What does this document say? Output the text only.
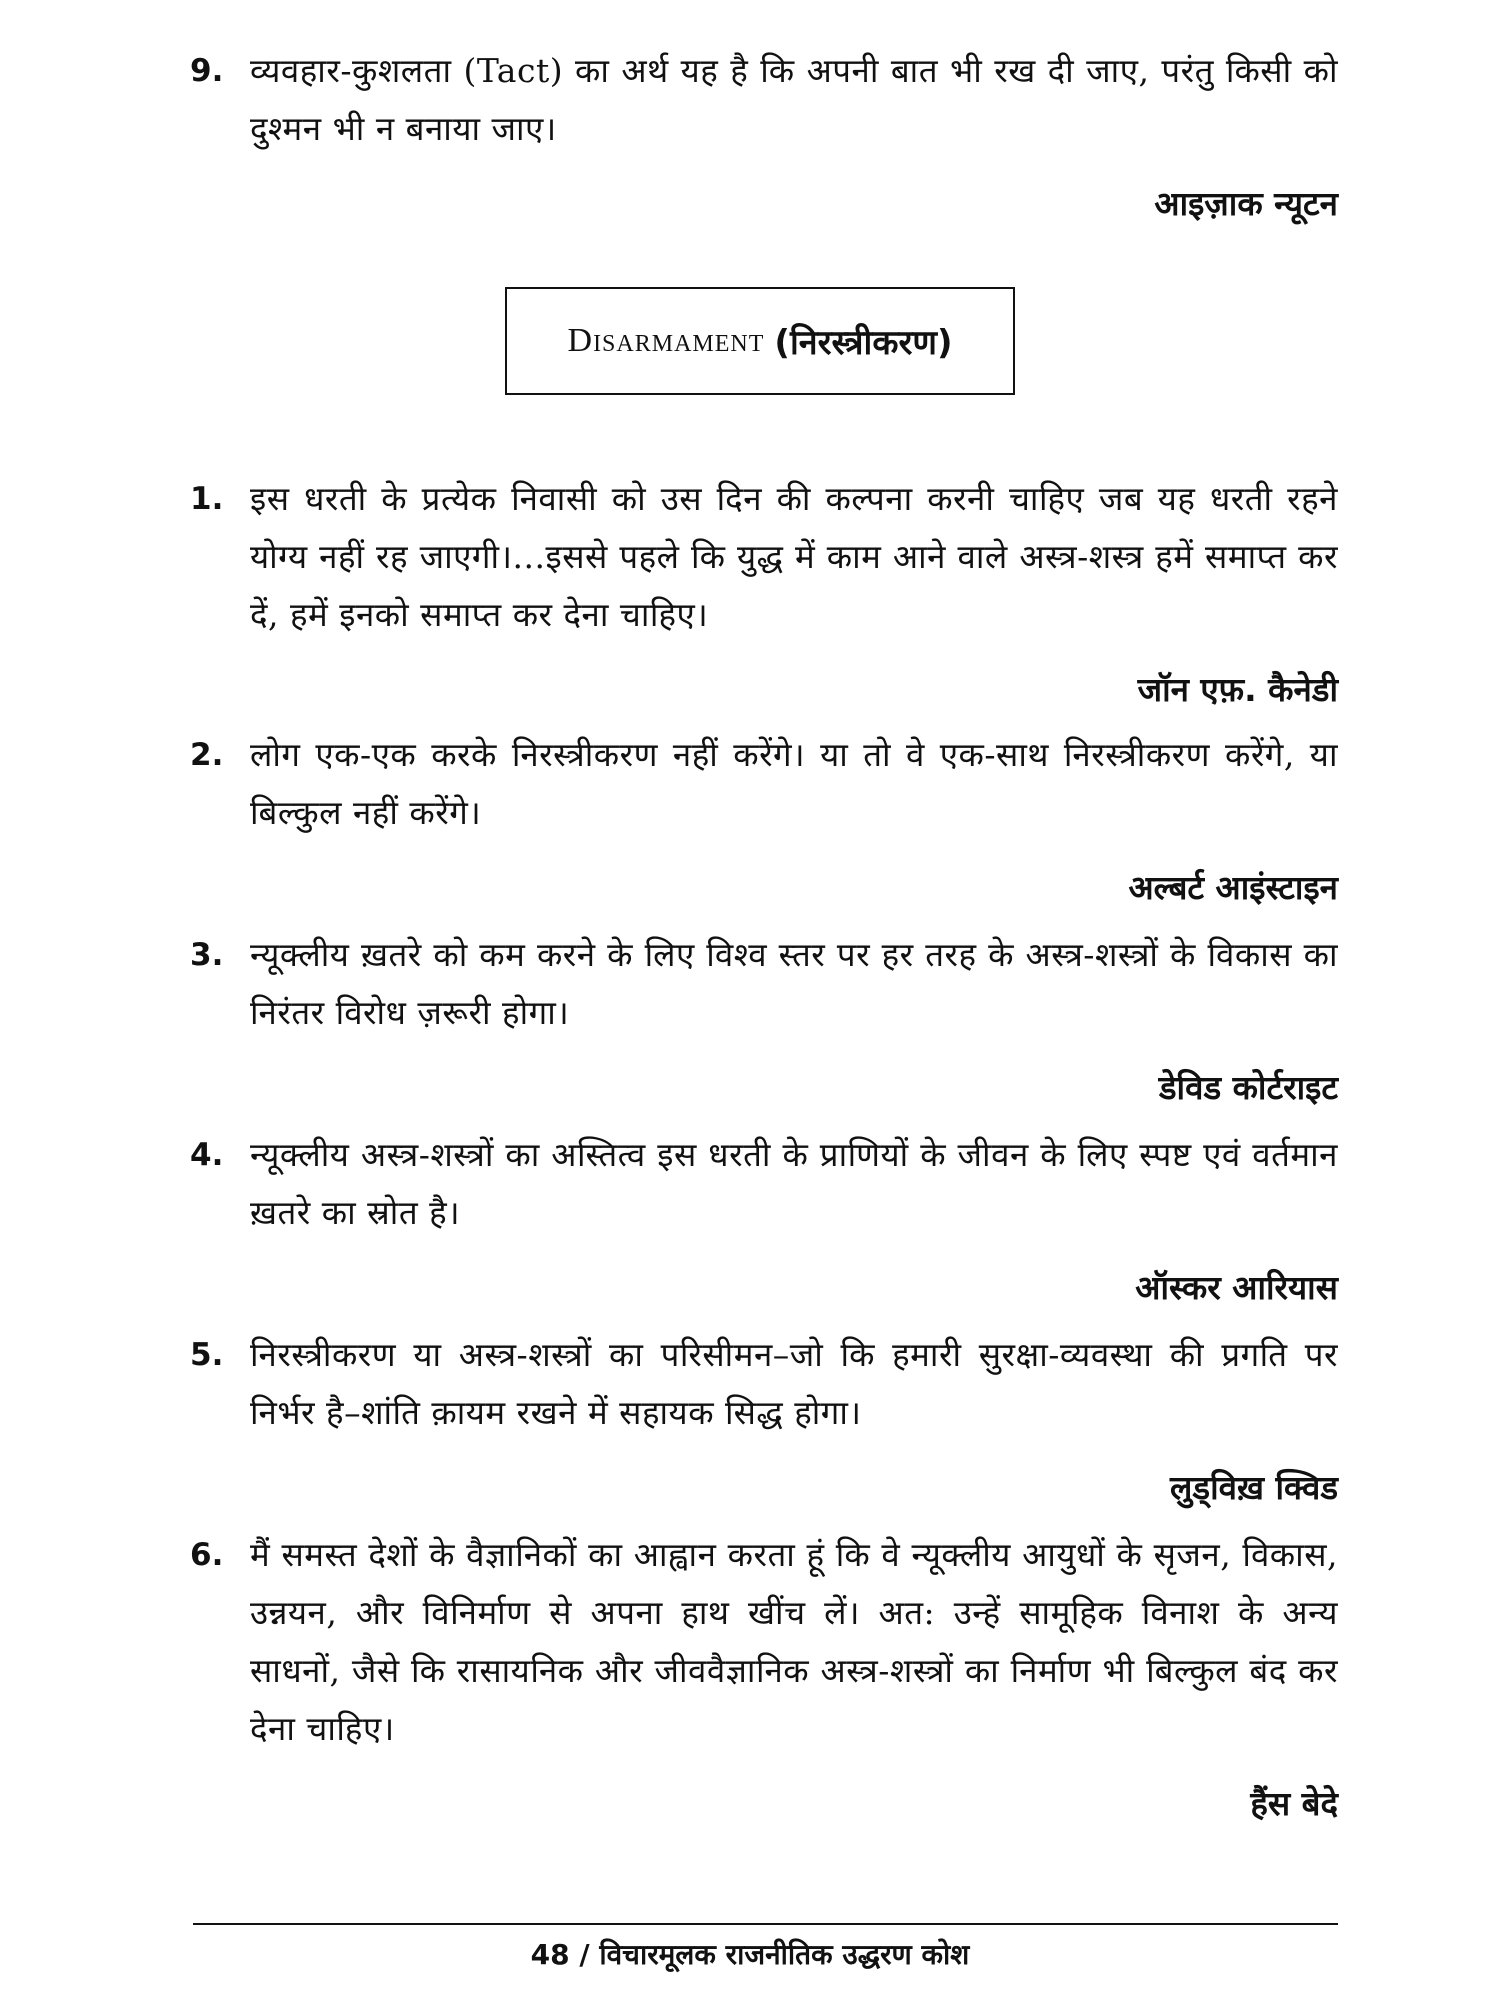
9. व्यवहार-कुशलता (Tact) का अर्थ यह है कि अपनी बात भी रख दी जाए, परंतु किसी को दुश्मन भी न बनाया जाए।
आइज़ाक न्यूटन
Disarmament (निरस्त्रीकरण)
1. इस धरती के प्रत्येक निवासी को उस दिन की कल्पना करनी चाहिए जब यह धरती रहने योग्य नहीं रह जाएगी।...इससे पहले कि युद्ध में काम आने वाले अस्त्र-शस्त्र हमें समाप्त कर दें, हमें इनको समाप्त कर देना चाहिए।
जॉन एफ़. कैनेडी
2. लोग एक-एक करके निरस्त्रीकरण नहीं करेंगे। या तो वे एक-साथ निरस्त्रीकरण करेंगे, या बिल्कुल नहीं करेंगे।
अल्बर्ट आइंस्टाइन
3. न्यूक्लीय ख़तरे को कम करने के लिए विश्व स्तर पर हर तरह के अस्त्र-शस्त्रों के विकास का निरंतर विरोध ज़रूरी होगा।
डेविड कोर्टराइट
4. न्यूक्लीय अस्त्र-शस्त्रों का अस्तित्व इस धरती के प्राणियों के जीवन के लिए स्पष्ट एवं वर्तमान ख़तरे का स्रोत है।
ऑस्कर आरियास
5. निरस्त्रीकरण या अस्त्र-शस्त्रों का परिसीमन–जो कि हमारी सुरक्षा-व्यवस्था की प्रगति पर निर्भर है–शांति क़ायम रखने में सहायक सिद्ध होगा।
लुड्विख़ क्विड
6. मैं समस्त देशों के वैज्ञानिकों का आह्वान करता हूं कि वे न्यूक्लीय आयुधों के सृजन, विकास, उन्नयन, और विनिर्माण से अपना हाथ खींच लें। अत: उन्हें सामूहिक विनाश के अन्य साधनों, जैसे कि रासायनिक और जीववैज्ञानिक अस्त्र-शस्त्रों का निर्माण भी बिल्कुल बंद कर देना चाहिए।
हैंस बेदे
48 / विचारमूलक राजनीतिक उद्धरण कोश
